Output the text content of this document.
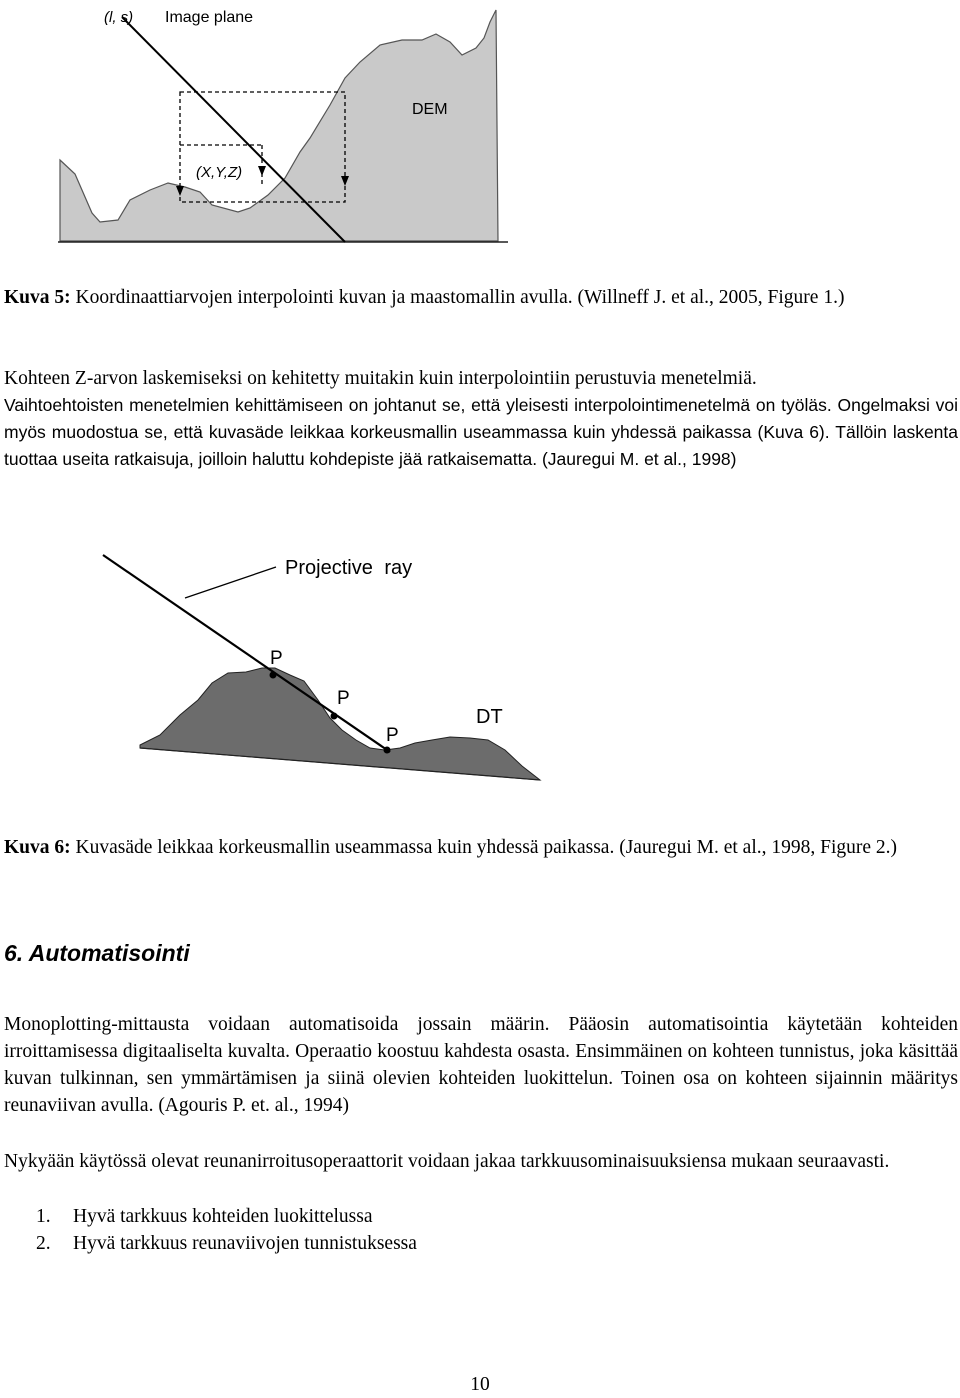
(l, s) Image plane
DEM
(X,Y,Z)
Kuva 5: Koordinaattiarvojen interpolointi kuvan ja maastomallin avulla. (Willneff J. et al., 2005, Figure 1.)
Kohteen Z-arvon laskemiseksi on kehitetty muitakin kuin interpolointiin perustuvia menetelmiä.
Vaihtoehtoisten menetelmien kehittämiseen on johtanut se, että yleisesti interpolointimenetelmä on työläs. Ongelmaksi voi myös muodostua se, että kuvasäde leikkaa korkeusmallin useammassa kuin yhdessä paikassa (Kuva 6). Tällöin laskenta tuottaa useita ratkaisuja, joilloin haluttu kohdepiste jää ratkaisematta. (Jauregui M. et al., 1998)
Projective ray
P
P
P
DT
Kuva 6: Kuvasäde leikkaa korkeusmallin useammassa kuin yhdessä paikassa. (Jauregui M. et al., 1998, Figure 2.)
6. Automatisointi
Monoplotting-mittausta voidaan automatisoida jossain määrin. Pääosin automatisointia käytetään kohteiden irroittamisessa digitaaliselta kuvalta. Operaatio koostuu kahdesta osasta. Ensimmäinen on kohteen tunnistus, joka käsittää kuvan tulkinnan, sen ymmärtämisen ja siinä olevien kohteiden luokittelun. Toinen osa on kohteen sijainnin määritys reunaviivan avulla. (Agouris P. et. al., 1994)
Nykyään käytössä olevat reunanirroitusoperaattorit voidaan jakaa tarkkuusominaisuuksiensa mukaan seuraavasti.
1. Hyvä tarkkuus kohteiden luokittelussa
2. Hyvä tarkkuus reunaviivojen tunnistuksessa
10
